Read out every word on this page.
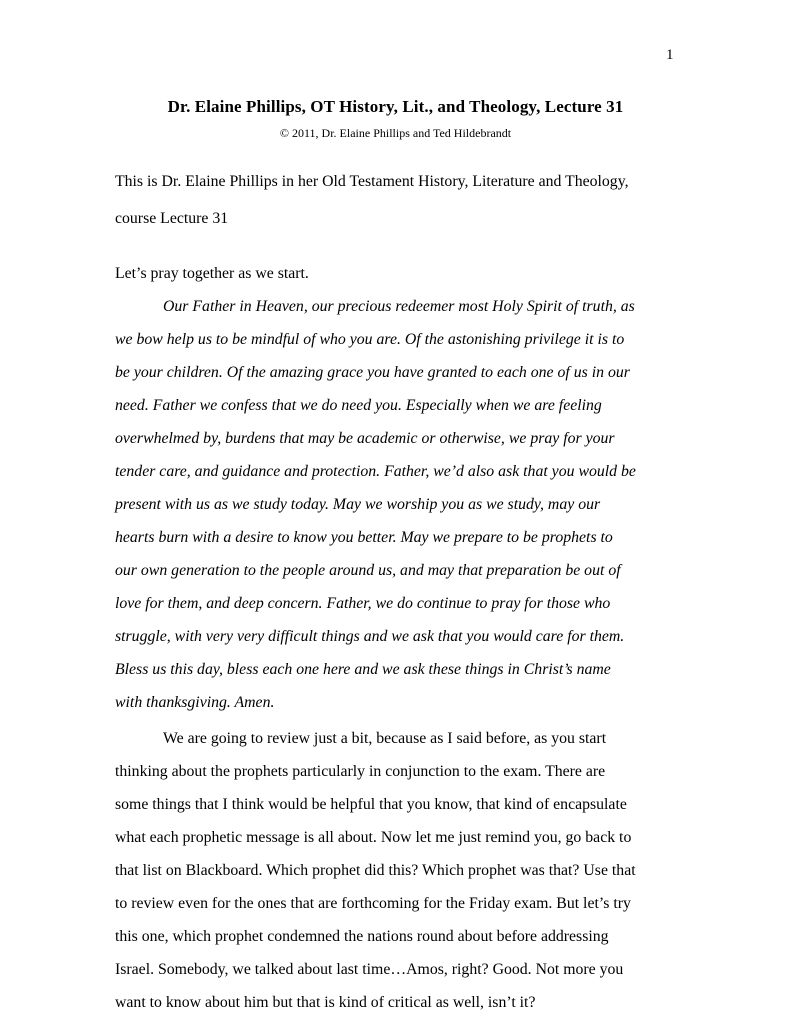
1
Dr. Elaine Phillips, OT History, Lit., and Theology, Lecture 31
© 2011, Dr. Elaine Phillips and Ted Hildebrandt
This is Dr. Elaine Phillips in her Old Testament History, Literature and Theology,
course Lecture 31
Let’s pray together as we start.
Our Father in Heaven, our precious redeemer most Holy Spirit of truth, as
we bow help us to be mindful of who you are. Of the astonishing privilege it is to
be your children. Of the amazing grace you have granted to each one of us in our
need. Father we confess that we do need you. Especially when we are feeling
overwhelmed by, burdens that may be academic or otherwise, we pray for your
tender care, and guidance and protection. Father, we’d also ask that you would be
present with us as we study today. May we worship you as we study, may our
hearts burn with a desire to know you better. May we prepare to be prophets to
our own generation to the people around us, and may that preparation be out of
love for them, and deep concern. Father, we do continue to pray for those who
struggle, with very very difficult things and we ask that you would care for them.
Bless us this day, bless each one here and we ask these things in Christ’s name
with thanksgiving. Amen.
We are going to review just a bit, because as I said before, as you start
thinking about the prophets particularly in conjunction to the exam. There are
some things that I think would be helpful that you know, that kind of encapsulate
what each prophetic message is all about. Now let me just remind you, go back to
that list on Blackboard. Which prophet did this? Which prophet was that? Use that
to review even for the ones that are forthcoming for the Friday exam. But let’s try
this one, which prophet condemned the nations round about before addressing
Israel. Somebody, we talked about last time…Amos, right? Good. Not more you
want to know about him but that is kind of critical as well, isn’t it?
